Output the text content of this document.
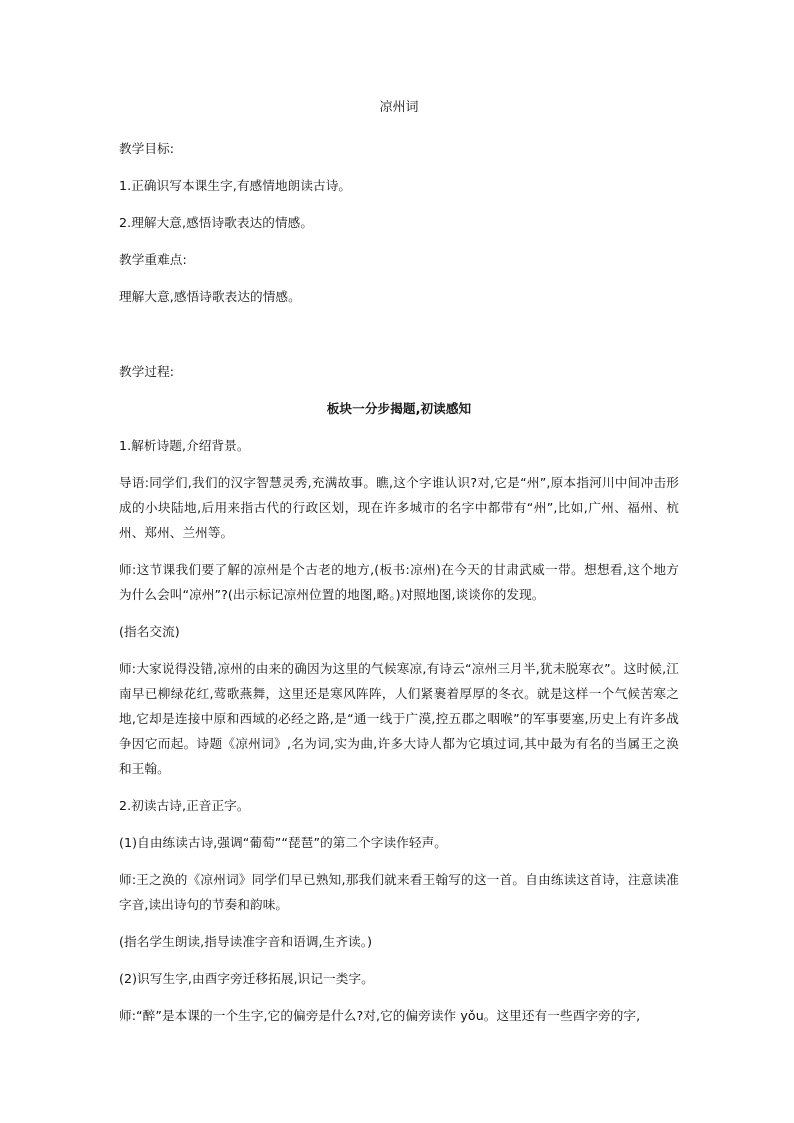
凉州词

教学目标:

1.正确识写本课生字,有感情地朗读古诗。

2.理解大意,感悟诗歌表达的情感。

教学重难点:

理解大意,感悟诗歌表达的情感。

教学过程:

板块一分步揭题,初读感知

1.解析诗题,介绍背景。

导语:同学们,我们的汉字智慧灵秀,充满故事。瞧,这个字谁认识?对,它是“州”,原本指河川中间冲击形成的小块陆地,后用来指古代的行政区划，现在许多城市的名字中都带有“州”,比如,广州、福州、杭州、郑州、兰州等。

师:这节课我们要了解的凉州是个古老的地方,(板书:凉州)在今天的甘肃武威一带。想想看,这个地方为什么会叫“凉州”?(出示标记凉州位置的地图,略。)对照地图,谈谈你的发现。

(指名交流)

师:大家说得没错,凉州的由来的确因为这里的气候寒凉,有诗云“凉州三月半,犹未脱寒衣”。这时候,江南早已柳绿花红,莺歌燕舞，这里还是寒风阵阵，人们紧裹着厚厚的冬衣。就是这样一个气候苦寒之地,它却是连接中原和西域的必经之路,是“通一线于广漠,控五郡之咽喉”的军事要塞,历史上有许多战争因它而起。诗题《凉州词》,名为词,实为曲,许多大诗人都为它填过词,其中最为有名的当属王之涣和王翰。

2.初读古诗,正音正字。

(1)自由练读古诗,强调“葡萄”“琵琶”的第二个字读作轻声。

师:王之涣的《凉州词》同学们早已熟知,那我们就来看王翰写的这一首。自由练读这首诗，注意读准字音,读出诗句的节奏和韵味。

(指名学生朗读,指导读准字音和语调,生齐读。)

(2)识写生字,由酉字旁迁移拓展,识记一类字。

师:“醉”是本课的一个生字,它的偏旁是什么?对,它的偏旁读作 yǒu。这里还有一些酉字旁的字,
